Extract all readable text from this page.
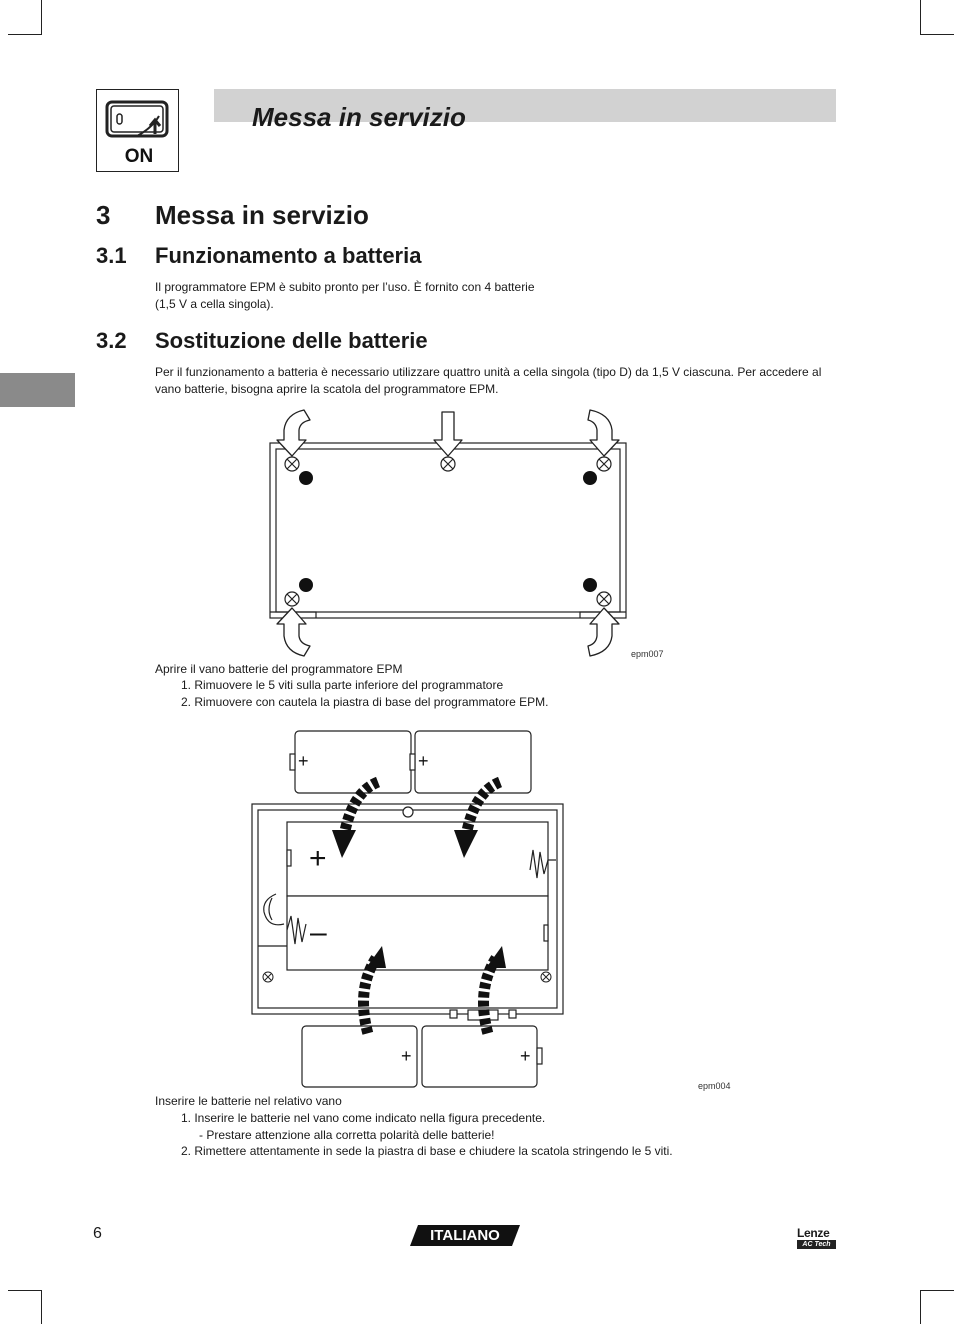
ON
Messa in servizio
3 Messa in servizio
3.1 Funzionamento a batteria
Il programmatore EPM è subito pronto per l’uso. È fornito con 4 batterie
(1,5 V a cella singola).
3.2 Sostituzione delle batterie
Per il funzionamento a batteria è necessario utilizzare quattro unità a cella singola (tipo D) da 1,5 V ciascuna. Per accedere al
vano batterie, bisogna aprire la scatola del programmatore EPM.
epm007
Aprire il vano batterie del programmatore EPM
1. Rimuovere le 5 viti sulla parte inferiore del programmatore
2. Rimuovere con cautela la piastra di base del programmatore EPM.
+	+
+
–
+	+
epm004
Inserire le batterie nel relativo vano
1. Inserire le batterie nel vano come indicato nella figura precedente.
- Prestare attenzione alla corretta polarità delle batterie!
2. Rimettere attentamente in sede la piastra di base e chiudere la scatola stringendo le 5 viti.
6	ITALIANO	Lenze
AC Tech
